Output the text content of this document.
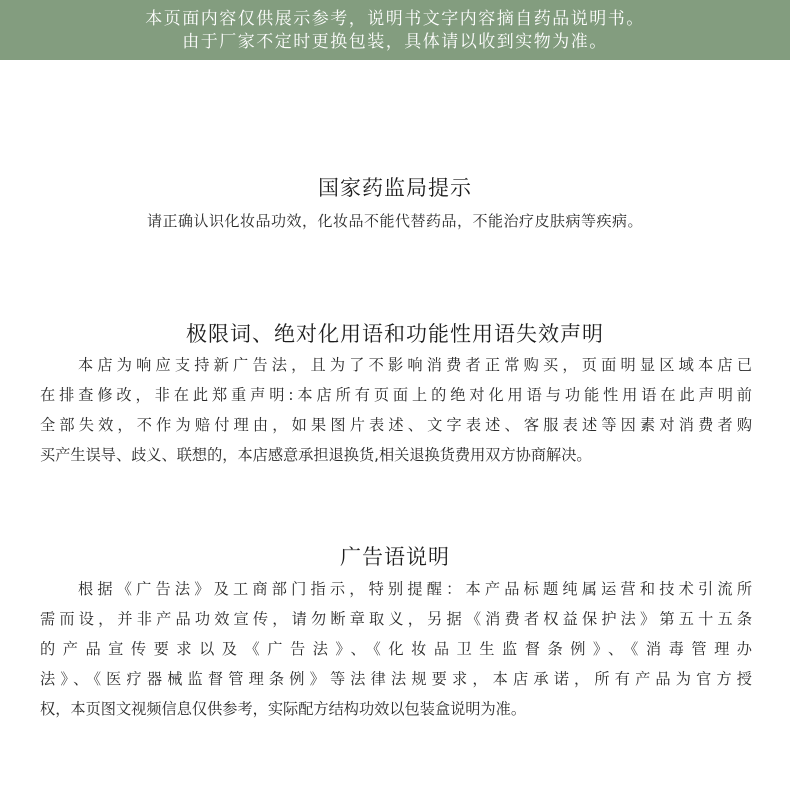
本页面内容仅供展示参考，说明书文字内容摘自药品说明书。
由于厂家不定时更换包装，具体请以收到实物为准。
国家药监局提示
请正确认识化妆品功效，化妆品不能代替药品，不能治疗皮肤病等疾病。
极限词、绝对化用语和功能性用语失效声明
本店为响应支持新广告法，且为了不影响消费者正常购买，页面明显区域本店已
在排查修改，非在此郑重声明:本店所有页面上的绝对化用语与功能性用语在此声明前
全部失效，不作为赔付理由，如果图片表述、文字表述、客服表述等因素对消费者购
买产生误导、歧义、联想的，本店感意承担退换货,相关退换货费用双方协商解决。
广告语说明
根据《广告法》及工商部门指示，特别提醒：本产品标题纯属运营和技术引流所
需而设，并非产品功效宣传，请勿断章取义，另据《消费者权益保护法》第五十五条
的产品宣传要求以及《广告法》、《化妆品卫生监督条例》、《消毒管理办
法》、《医疗器械监督管理条例》等法律法规要求，本店承诺，所有产品为官方授
权，本页图文视频信息仅供参考，实际配方结构功效以包装盒说明为准。
